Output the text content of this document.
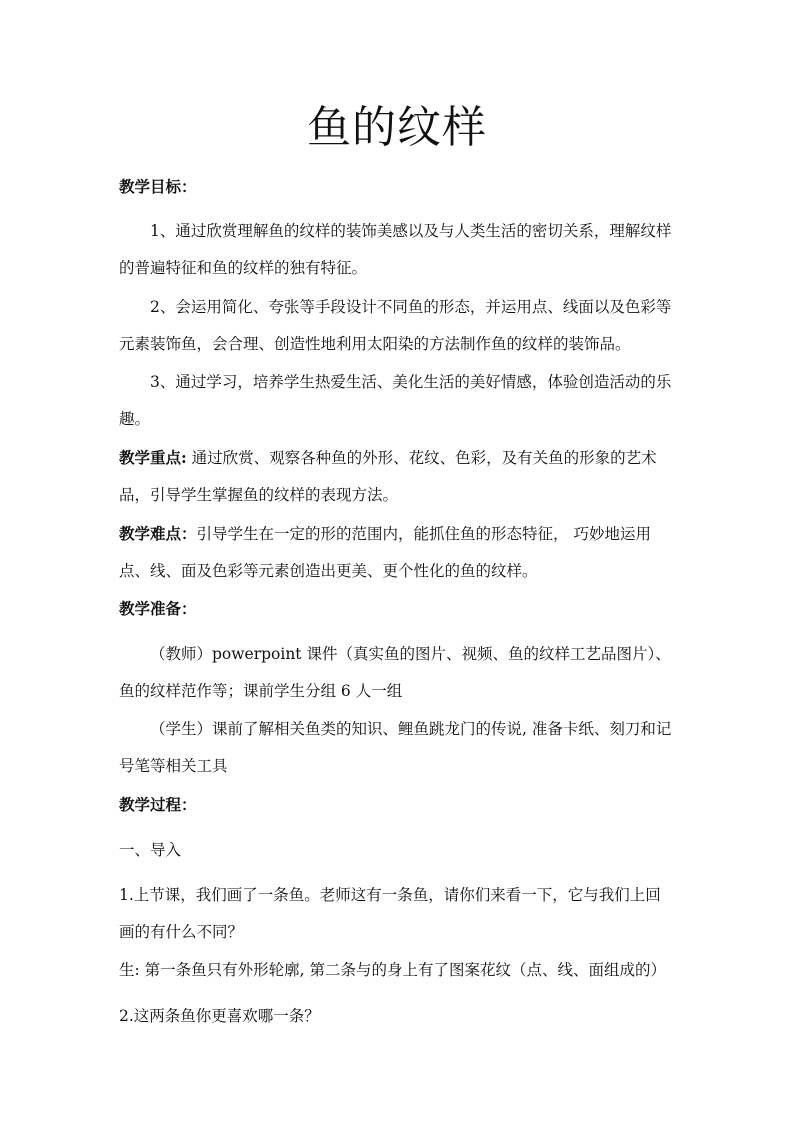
鱼的纹样

教学目标：

1、通过欣赏理解鱼的纹样的装饰美感以及与人类生活的密切关系，理解纹样的普遍特征和鱼的纹样的独有特征。

2、会运用简化、夸张等手段设计不同鱼的形态，并运用点、线面以及色彩等元素装饰鱼，会合理、创造性地利用太阳染的方法制作鱼的纹样的装饰品。

3、通过学习，培养学生热爱生活、美化生活的美好情感，体验创造活动的乐趣。

教学重点: 通过欣赏、观察各种鱼的外形、花纹、色彩，及有关鱼的形象的艺术品，引导学生掌握鱼的纹样的表现方法。

教学难点：引导学生在一定的形的范围内，能抓住鱼的形态特征， 巧妙地运用点、线、面及色彩等元素创造出更美、更个性化的鱼的纹样。

教学准备：

（教师）powerpoint 课件（真实鱼的图片、视频、鱼的纹样工艺品图片）、鱼的纹样范作等；课前学生分组 6 人一组

（学生）课前了解相关鱼类的知识、鲤鱼跳龙门的传说, 准备卡纸、刻刀和记号笔等相关工具

教学过程：

一、导入

1.上节课，我们画了一条鱼。老师这有一条鱼，请你们来看一下，它与我们上回画的有什么不同？

生: 第一条鱼只有外形轮廓, 第二条与的身上有了图案花纹（点、线、面组成的）

2.这两条鱼你更喜欢哪一条？
